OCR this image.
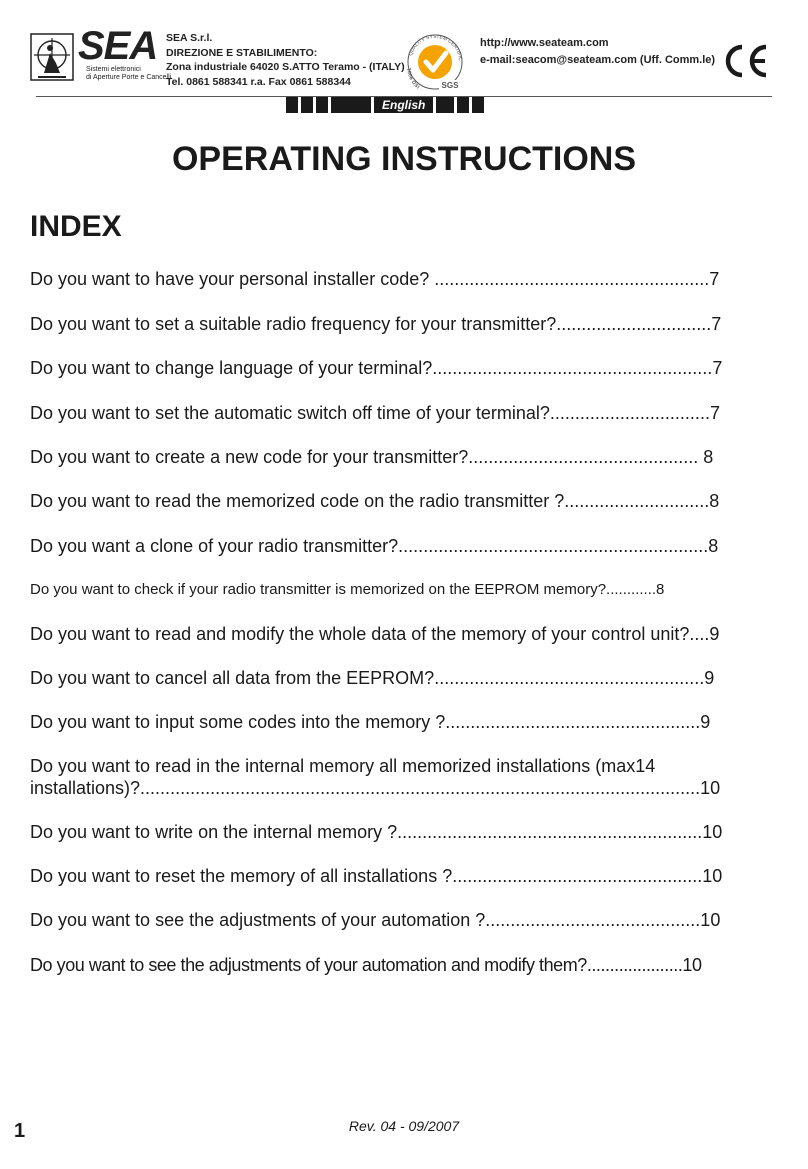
SEA
Sistemi elettronici
di Aperture Porte e Cancelli
SEA S.r.l.
DIREZIONE E STABILIMENTO:
Zona industriale 64020 S.ATTO Teramo - (ITALY)
Tel. 0861 588341 r.a. Fax 0861 588344
QUALITY SYSTEM CERTIFIC
ISO 9001
SGS
http://www.seateam.com
e-mail:seacom@seateam.com (Uff. Comm.le)
English
OPERATING INSTRUCTIONS
INDEX
Do you want to have your personal installer code? .......................................................7
Do you want to set a suitable radio frequency for your transmitter?...............................7
Do you want to change language of your terminal?........................................................7
Do you want to set the automatic switch off time of your terminal?................................7
Do you want to create a new code for your transmitter?.............................................. 8
Do you want to read the memorized code on the radio transmitter ?.............................8
Do you want a clone of your radio transmitter?..............................................................8
Do you want to check if your radio transmitter is memorized on the EEPROM memory?............8
Do you want to read and modify the whole data of the memory of your control unit?....9
Do you want to cancel all data from the EEPROM?......................................................9
Do you want to input some codes into the memory ?...................................................9
Do you want to read in the internal memory all memorized installations (max14
installations)?................................................................................................................10
Do you want to write on the internal memory ?.............................................................10
Do you want to reset the memory of all installations ?..................................................10
Do you want to see the adjustments of your automation ?...........................................10
Do you want to see the adjustments of your automation and modify them?.....................10
1	Rev. 04 - 09/2007
